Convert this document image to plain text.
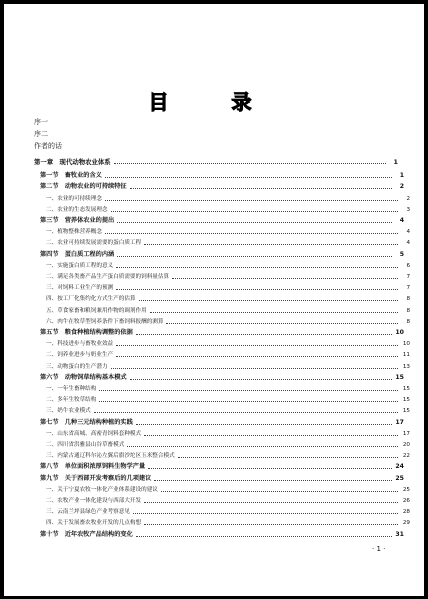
目 录
序一
序二
作者的话
第一章　现代动物农业体系	1
第一节　畜牧业的含义	1
第二节　动物农业的可持续特征	2
一、农业的可持续理念	2
二、农业的生态发展理念	3
第三节　营养体农业的提出	4
一、植物整株营养概念	4
二、农业可持续发展需要的蛋白质工程	4
第四节　蛋白质工程的内涵	5
一、实施蛋白质工程的意义	6
二、满足各类畜产品生产蛋白质需要的饲料量估算	7
三、对饲料工业生产的预测	7
四、按工厂化集约化方式生产的估算	8
五、草食家畜和粮饲兼用作物的调剂作用	8
六、肉牛在牧草型饲养条件下畜饲料报酬的测算	8
第五节　粮食种植结构调整的依据	10
一、科技进步与畜牧业效益	10
二、饲养业进步与奶业生产	11
三、动物蛋白的生产潜力	13
第六节　动物饲草结构基本模式	15
一、一年生畜种结构	15
二、多年生牧草结构	15
三、奶牛农业模式	15
第七节　几种三元结构种植的实践	17
一、山东省高城、高密青饲料套种模式	17
二、四川省洪雅县山谷草畜模式	20
三、内蒙古通辽科尔沁左翼后旗沙坨区玉米整合模式	22
第八节　单位面积浓厚饲料生物学产量	24
第九节　关于西部开发考察后的几项建议	25
一、关于宁夏农牧一体化产业体系建设的建议	25
二、农牧产业一体化建设与西部大开发	26
三、云南兰坪县绿色产业考察意见	28
四、关于发展畜农牧业开发的几点构想	29
第十节　近年农牧产品结构的变化	31
· 1 ·
